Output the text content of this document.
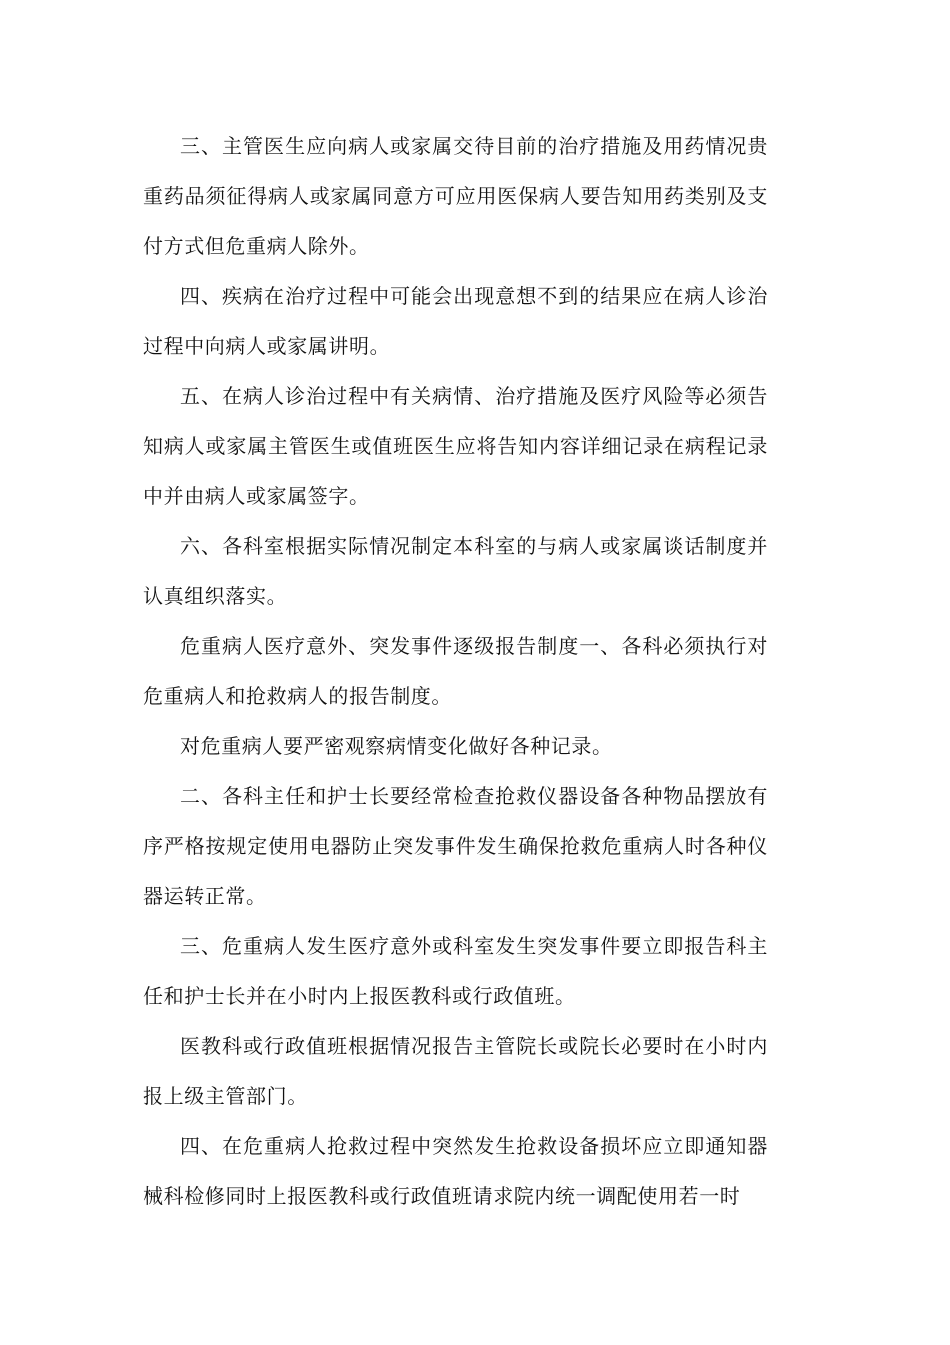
三、主管医生应向病人或家属交待目前的治疗措施及用药情况贵重药品须征得病人或家属同意方可应用医保病人要告知用药类别及支付方式但危重病人除外。

四、疾病在治疗过程中可能会出现意想不到的结果应在病人诊治过程中向病人或家属讲明。

五、在病人诊治过程中有关病情、治疗措施及医疗风险等必须告知病人或家属主管医生或值班医生应将告知内容详细记录在病程记录中并由病人或家属签字。

六、各科室根据实际情况制定本科室的与病人或家属谈话制度并认真组织落实。

危重病人医疗意外、突发事件逐级报告制度一、各科必须执行对危重病人和抢救病人的报告制度。

对危重病人要严密观察病情变化做好各种记录。

二、各科主任和护士长要经常检查抢救仪器设备各种物品摆放有序严格按规定使用电器防止突发事件发生确保抢救危重病人时各种仪器运转正常。

三、危重病人发生医疗意外或科室发生突发事件要立即报告科主任和护士长并在小时内上报医教科或行政值班。

医教科或行政值班根据情况报告主管院长或院长必要时在小时内报上级主管部门。

四、在危重病人抢救过程中突然发生抢救设备损坏应立即通知器械科检修同时上报医教科或行政值班请求院内统一调配使用若一时
